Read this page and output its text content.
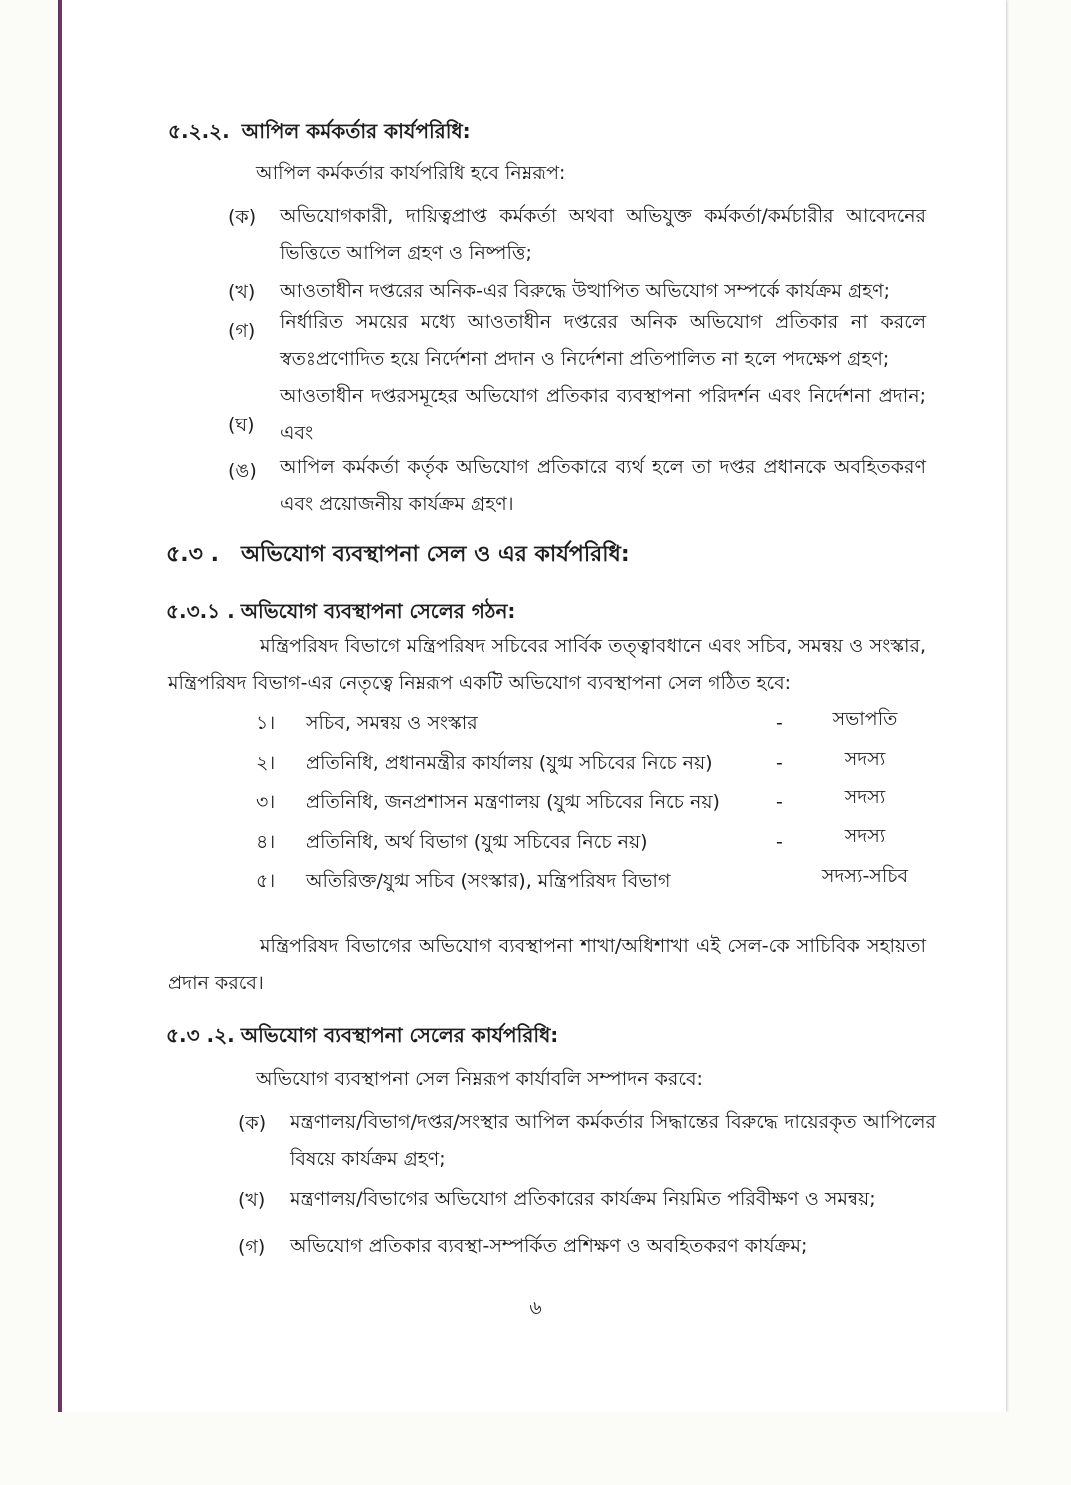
৫.২.২. আপিল কর্মকর্তার কার্যপরিধি:
আপিল কর্মকর্তার কার্যপরিধি হবে নিম্নরূপ:
(ক) অভিযোগকারী, দায়িত্বপ্রাপ্ত কর্মকর্তা অথবা অভিযুক্ত কর্মকর্তা/কর্মচারীর আবেদনের ভিত্তিতে আপিল গ্রহণ ও নিষ্পত্তি;
(খ) আওতাধীন দপ্তরের অনিক-এর বিরুদ্ধে উত্থাপিত অভিযোগ সম্পর্কে কার্যক্রম গ্রহণ;
(গ) নির্ধারিত সময়ের মধ্যে আওতাধীন দপ্তরের অনিক অভিযোগ প্রতিকার না করলে স্বতঃপ্রণোদিত হয়ে নির্দেশনা প্রদান ও নির্দেশনা প্রতিপালিত না হলে পদক্ষেপ গ্রহণ;
(ঘ)
আওতাধীন দপ্তরসমূহের অভিযোগ প্রতিকার ব্যবস্থাপনা পরিদর্শন এবং নির্দেশনা প্রদান; এবং
(ঙ) আপিল কর্মকর্তা কর্তৃক অভিযোগ প্রতিকারে ব্যর্থ হলে তা দপ্তর প্রধানকে অবহিতকরণ এবং প্রয়োজনীয় কার্যক্রম গ্রহণ।
৫.৩ . অভিযোগ ব্যবস্থাপনা সেল ও এর কার্যপরিধি:
৫.৩.১ . অভিযোগ ব্যবস্থাপনা সেলের গঠন:
মন্ত্রিপরিষদ বিভাগে মন্ত্রিপরিষদ সচিবের সার্বিক তত্ত্বাবধানে এবং সচিব, সমন্বয় ও সংস্কার, মন্ত্রিপরিষদ বিভাগ-এর নেতৃত্বে নিম্নরূপ একটি অভিযোগ ব্যবস্থাপনা সেল গঠিত হবে:
১। সচিব, সমন্বয় ও সংস্কার	-	সভাপতি
২। প্রতিনিধি, প্রধানমন্ত্রীর কার্যালয় (যুগ্ম সচিবের নিচে নয়)	-	সদস্য
৩। প্রতিনিধি, জনপ্রশাসন মন্ত্রণালয় (যুগ্ম সচিবের নিচে নয়)	-	সদস্য
৪। প্রতিনিধি, অর্থ বিভাগ (যুগ্ম সচিবের নিচে নয়)	-	সদস্য
৫। অতিরিক্ত/যুগ্ম সচিব (সংস্কার), মন্ত্রিপরিষদ বিভাগ	সদস্য-সচিব
মন্ত্রিপরিষদ বিভাগের অভিযোগ ব্যবস্থাপনা শাখা/অধিশাখা এই সেল-কে সাচিবিক সহায়তা প্রদান করবে।
৫.৩ .২. অভিযোগ ব্যবস্থাপনা সেলের কার্যপরিধি:
অভিযোগ ব্যবস্থাপনা সেল নিম্নরূপ কার্যাবলি সম্পাদন করবে:
(ক) মন্ত্রণালয়/বিভাগ/দপ্তর/সংস্থার আপিল কর্মকর্তার সিদ্ধান্তের বিরুদ্ধে দায়েরকৃত আপিলের বিষয়ে কার্যক্রম গ্রহণ;
(খ) মন্ত্রণালয়/বিভাগের অভিযোগ প্রতিকারের কার্যক্রম নিয়মিত পরিবীক্ষণ ও সমন্বয়;
(গ) অভিযোগ প্রতিকার ব্যবস্থা-সম্পর্কিত প্রশিক্ষণ ও অবহিতকরণ কার্যক্রম;
৬
